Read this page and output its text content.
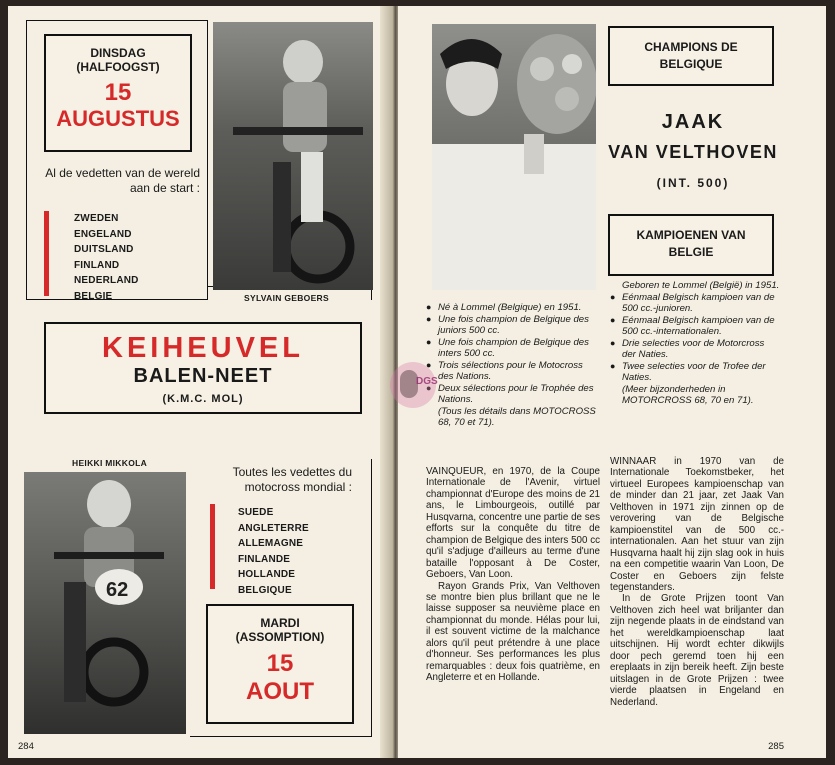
DINSDAG
(HALFOOGST)
15
AUGUSTUS
Al de vedetten van de wereld aan de start :
ZWEDEN
ENGELAND
DUITSLAND
FINLAND
NEDERLAND
BELGIE	SYLVAIN GEBOERS
KEIHEUVEL
BALEN-NEET
(K.M.C. MOL)
HEIKKI MIKKOLA
62
Toutes les vedettes du motocross mondial :
SUEDE
ANGLETERRE
ALLEMAGNE
FINLANDE
HOLLANDE
BELGIQUE
MARDI
(ASSOMPTION)
15
AOUT
284
CHAMPIONS DE BELGIQUE
JAAK
VAN VELTHOVEN
(INT. 500)
KAMPIOENEN VAN BELGIE
● Né à Lommel (Belgique) en 1951.
● Une fois champion de Belgique des juniors 500 cc.
● Une fois champion de Belgique des inters 500 cc.
● Trois sélections pour le Motocross des Nations.
● Deux sélections pour le Trophée des Nations.
(Tous les détails dans MOTOCROSS 68, 70 et 71).
Geboren te Lommel (België) in 1951.
● Eénmaal Belgisch kampioen van de 500 cc.-junioren.
● Eénmaal Belgisch kampioen van de 500 cc.-internationalen.
● Drie selecties voor de Motorcross der Naties.
● Twee selecties voor de Trofee der Naties.
(Meer bijzonderheden in MOTORCROSS 68, 70 en 71).
DGS

VAINQUEUR, en 1970, de la Coupe Internationale de l'Avenir, virtuel championnat d'Europe des moins de 21 ans, le Limbourgeois, outillé par Husqvarna, concentre une partie de ses efforts sur la conquête du titre de champion de Belgique des inters 500 cc qu'il s'adjuge d'ailleurs au terme d'une bataille l'opposant à De Coster, Geboers, Van Loon.

Rayon Grands Prix, Van Velthoven se montre bien plus brillant que ne le laisse supposer sa neuvième place en championnat du monde. Hélas pour lui, il est souvent victime de la malchance alors qu'il peut prétendre à une place d'honneur. Ses performances les plus remarquables : deux fois quatrième, en Angleterre et en Hollande.

WINNAAR in 1970 van de Internationale Toekomstbeker, het virtueel Europees kampioenschap van de minder dan 21 jaar, zet Jaak Van Velthoven in 1971 zijn zinnen op de verovering van de Belgische kampioenstitel van de 500 cc.-internationalen. Aan het stuur van zijn Husqvarna haalt hij zijn slag ook in huis na een competitie waarin Van Loon, De Coster en Geboers zijn felste tegenstanders.

In de Grote Prijzen toont Van Velthoven zich heel wat briljanter dan zijn negende plaats in de eindstand van het wereldkampioenschap laat uitschijnen. Hij wordt echter dikwijls door pech geremd toen hij een ereplaats in zijn bereik heeft. Zijn beste uitslagen in de Grote Prijzen : twee vierde plaatsen in Engeland en Nederland.

285
